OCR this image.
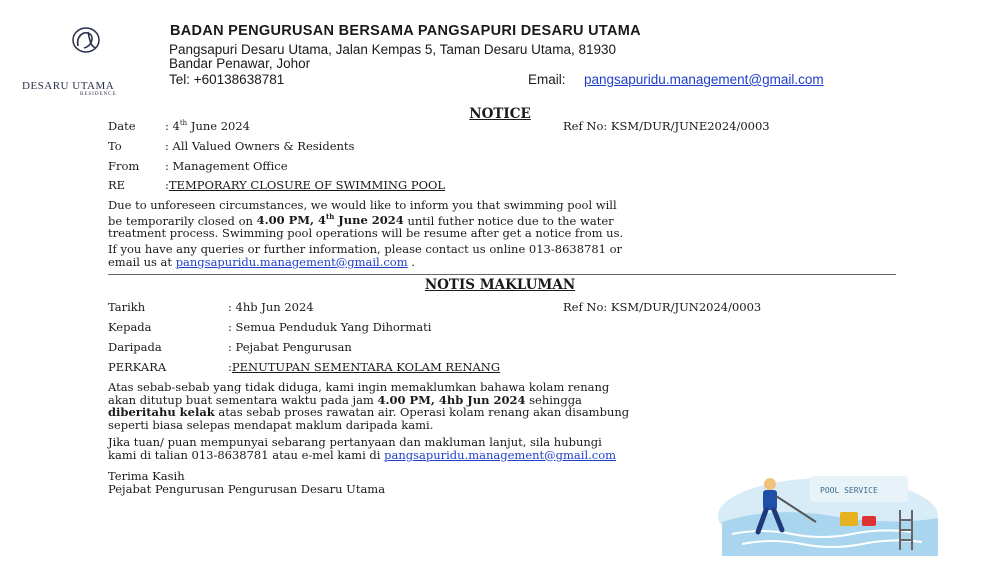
DESARU UTAMA
RESIDENCE
BADAN PENGURUSAN BERSAMA PANGSAPURI DESARU UTAMA
Pangsapuri Desaru Utama, Jalan Kempas 5, Taman Desaru Utama, 81930
Bandar Penawar, Johor
Tel: +60138638781	Email: pangsapuridu.management@gmail.com
NOTICE
Date	: 4th June 2024	Ref No: KSM/DUR/JUNE2024/0003
To	: All Valued Owners & Residents
From : Management Office
RE	:TEMPORARY CLOSURE OF SWIMMING POOL
Due to unforeseen circumstances, we would like to inform you that swimming pool will
be temporarily closed on 4.00 PM, 4th June 2024 until futher notice due to the water
treatment process. Swimming pool operations will be resume after get a notice from us.
If you have any queries or further information, please contact us online 013-8638781 or
email us at pangsapuridu.management@gmail.com .
NOTIS MAKLUMAN
Tarikh	: 4hb Jun 2024	Ref No: KSM/DUR/JUN2024/0003
Kepada	: Semua Penduduk Yang Dihormati
Daripada	: Pejabat Pengurusan
PERKARA	:PENUTUPAN SEMENTARA KOLAM RENANG
Atas sebab-sebab yang tidak diduga, kami ingin memaklumkan bahawa kolam renang
akan ditutup buat sementara waktu pada jam 4.00 PM, 4hb Jun 2024 sehingga
diberitahu kelak atas sebab proses rawatan air. Operasi kolam renang akan disambung
seperti biasa selepas mendapat maklum daripada kami.
Jika tuan/ puan mempunyai sebarang pertanyaan dan makluman lanjut, sila hubungi
kami di talian 013-8638781 atau e-mel kami di pangsapuridu.management@gmail.com
Terima Kasih
Pejabat Pengurusan Pengurusan Desaru Utama	POOL SERVICE
